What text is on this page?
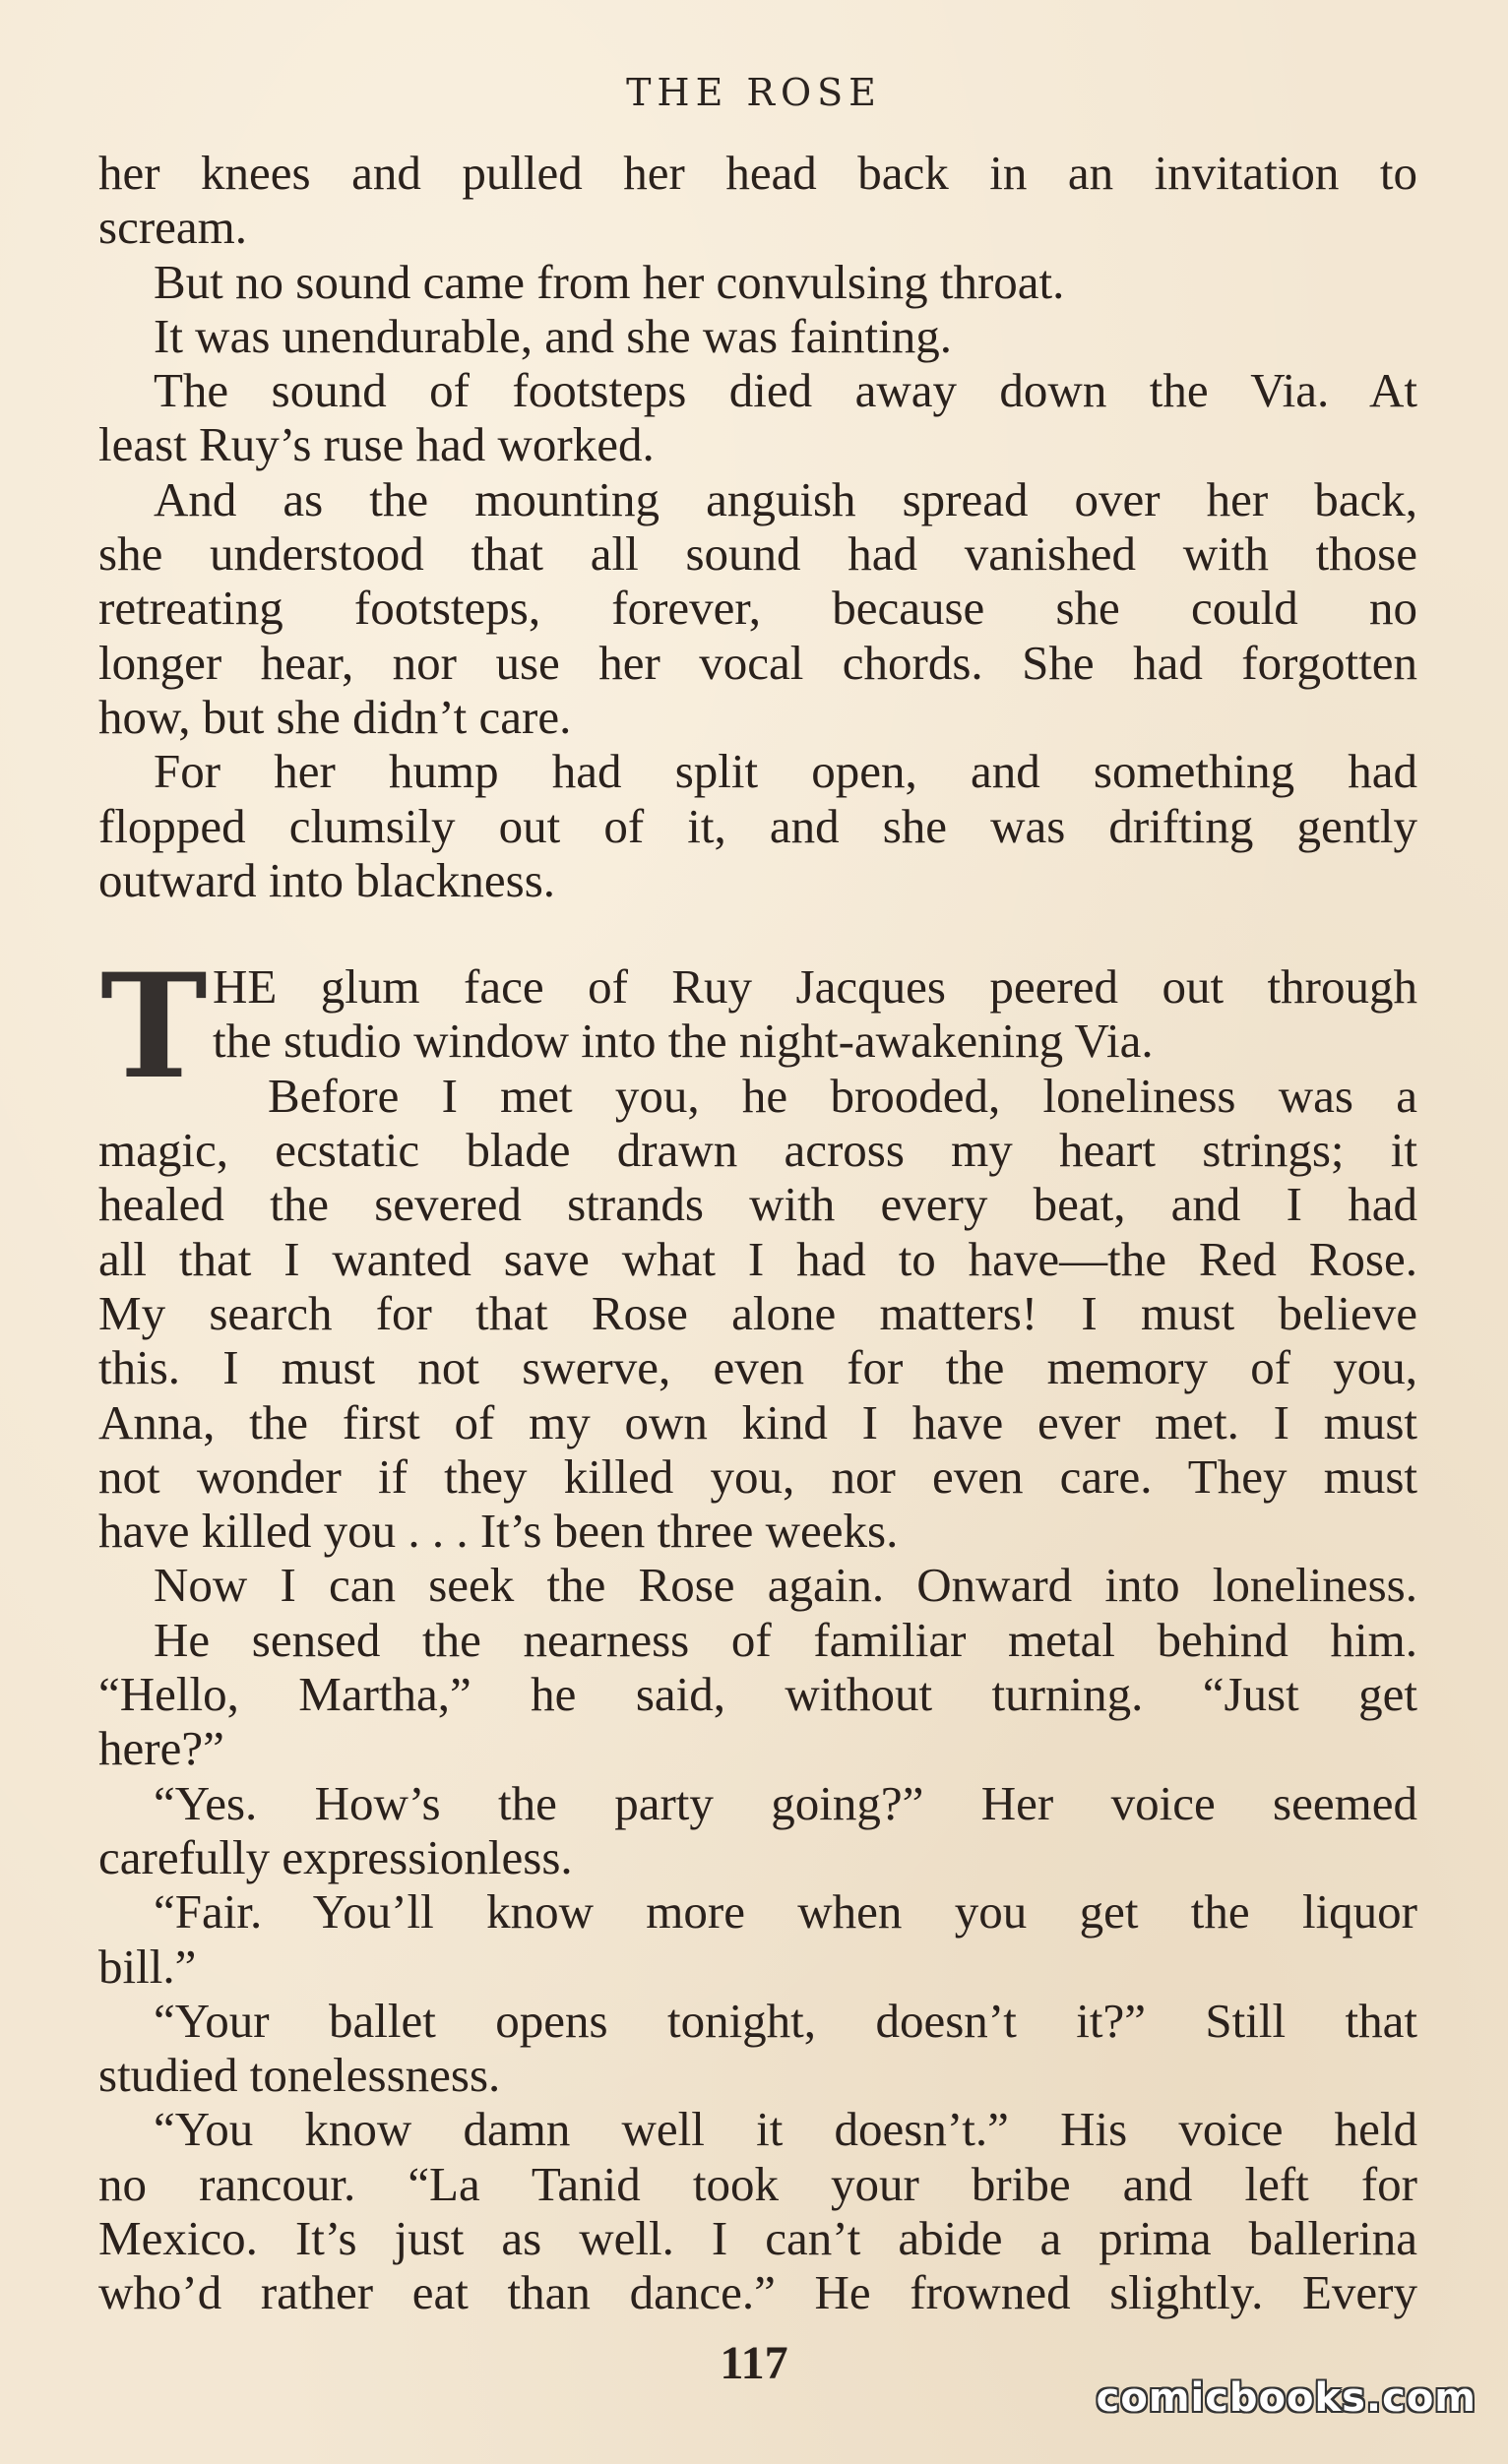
THE ROSE
her knees and pulled her head back in an invitation to
scream.
But no sound came from her convulsing throat.
It was unendurable, and she was fainting.
The sound of footsteps died away down the Via. At
least Ruy’s ruse had worked.
And as the mounting anguish spread over her back,
she understood that all sound had vanished with those
retreating footsteps, forever, because she could no
longer hear, nor use her vocal chords. She had forgotten
how, but she didn’t care.
For her hump had split open, and something had
flopped clumsily out of it, and she was drifting gently
outward into blackness.
HE glum face of Ruy Jacques peered out through
the studio window into the night-awakening Via.
Before I met you, he brooded, loneliness was a
magic, ecstatic blade drawn across my heart strings; it
healed the severed strands with every beat, and I had
all that I wanted save what I had to have—the Red Rose.
My search for that Rose alone matters! I must believe
this. I must not swerve, even for the memory of you,
Anna, the first of my own kind I have ever met. I must
not wonder if they killed you, nor even care. They must
have killed you . . . It’s been three weeks.
Now I can seek the Rose again. Onward into loneliness.
He sensed the nearness of familiar metal behind him.
“Hello, Martha,” he said, without turning. “Just get
here?”
“Yes. How’s the party going?” Her voice seemed
carefully expressionless.
“Fair. You’ll know more when you get the liquor
bill.”
“Your ballet opens tonight, doesn’t it?” Still that
studied tonelessness.
“You know damn well it doesn’t.” His voice held
no rancour. “La Tanid took your bribe and left for
Mexico. It’s just as well. I can’t abide a prima ballerina
who’d rather eat than dance.” He frowned slightly. Every
T
117
comicbooks.com
